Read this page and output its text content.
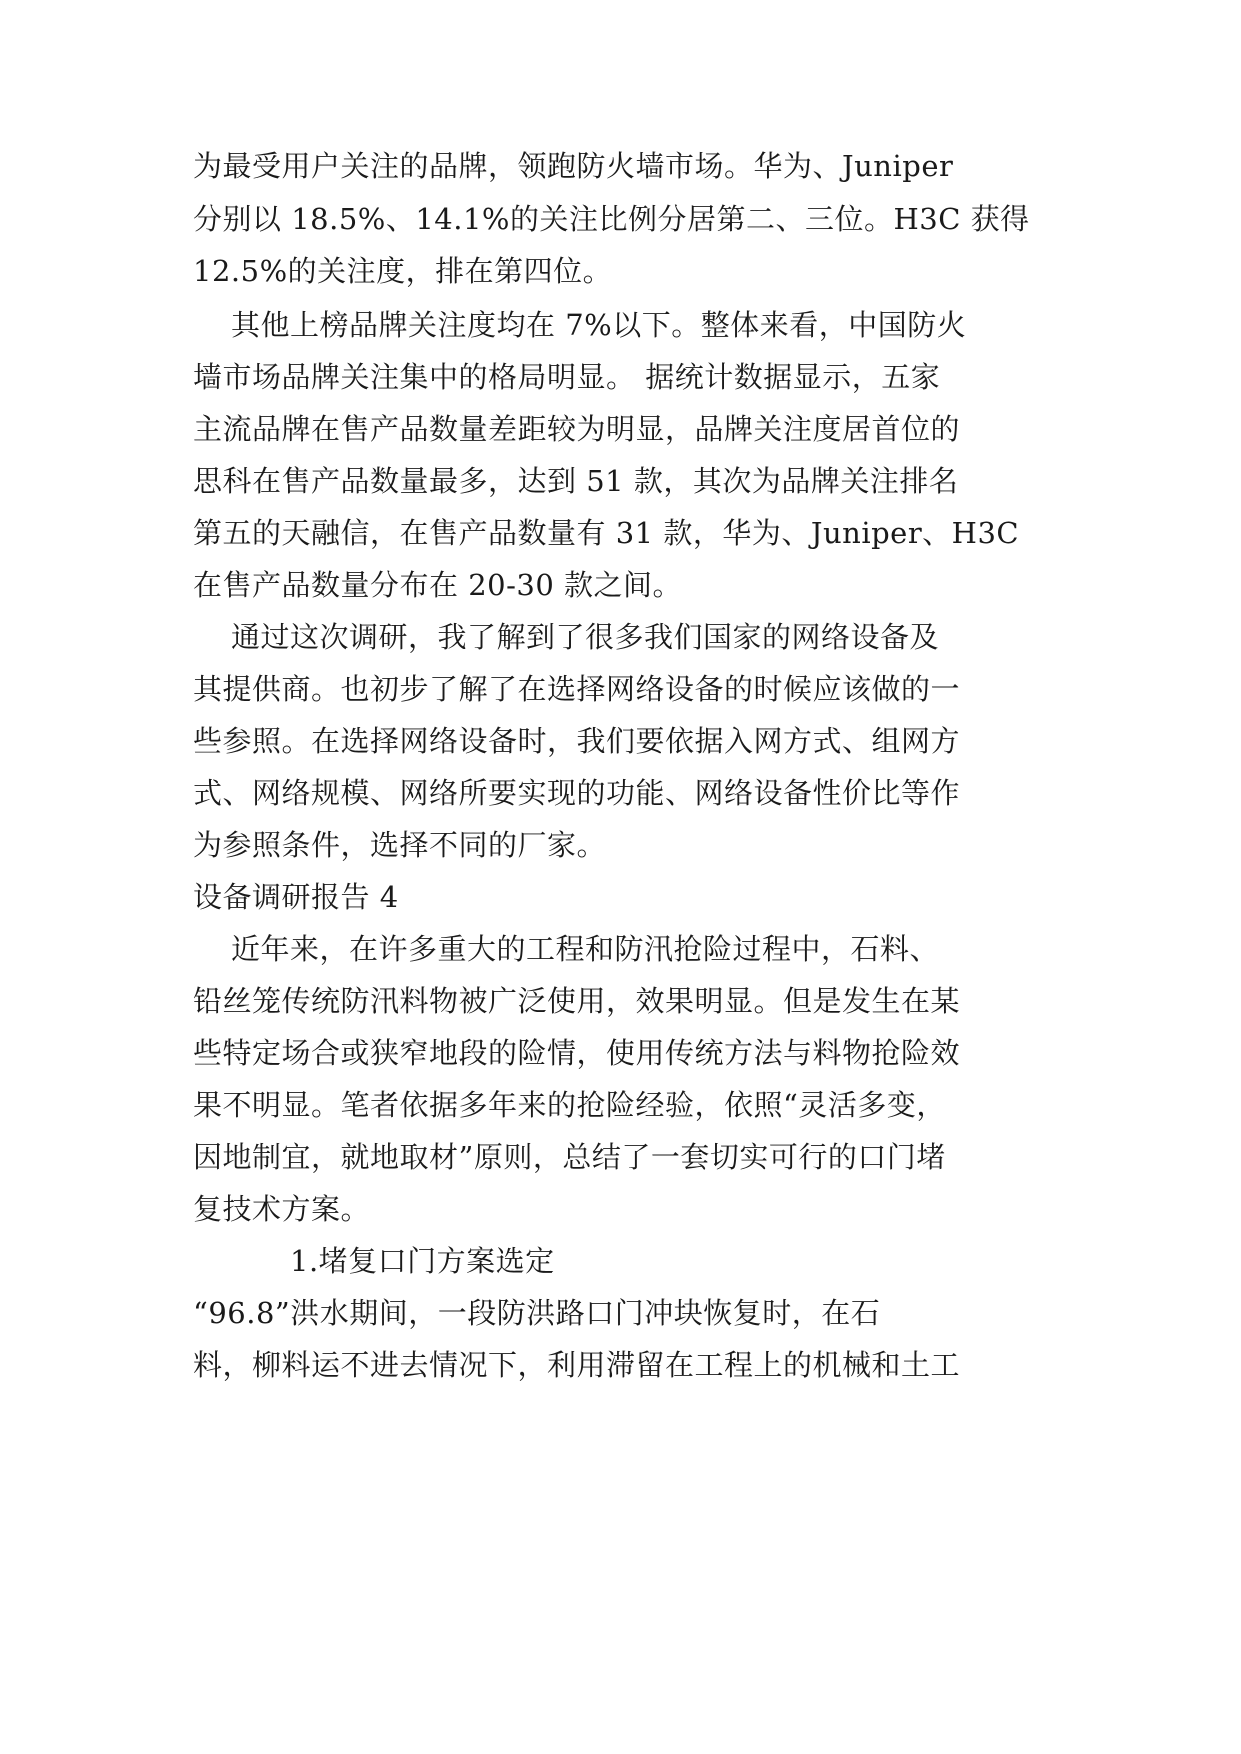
为最受用户关注的品牌，领跑防火墙市场。华为、Juniper
分别以 18.5%、14.1%的关注比例分居第二、三位。H3C 获得
12.5%的关注度，排在第四位。
其他上榜品牌关注度均在 7%以下。整体来看，中国防火
墙市场品牌关注集中的格局明显。 据统计数据显示，五家
主流品牌在售产品数量差距较为明显，品牌关注度居首位的
思科在售产品数量最多，达到 51 款，其次为品牌关注排名
第五的天融信，在售产品数量有 31 款，华为、Juniper、H3C
在售产品数量分布在 20-30 款之间。
通过这次调研，我了解到了很多我们国家的网络设备及
其提供商。也初步了解了在选择网络设备的时候应该做的一
些参照。在选择网络设备时，我们要依据入网方式、组网方
式、网络规模、网络所要实现的功能、网络设备性价比等作
为参照条件，选择不同的厂家。
设备调研报告 4
近年来，在许多重大的工程和防汛抢险过程中，石料、
铅丝笼传统防汛料物被广泛使用，效果明显。但是发生在某
些特定场合或狭窄地段的险情，使用传统方法与料物抢险效
果不明显。笔者依据多年来的抢险经验，依照“灵活多变，
因地制宜，就地取材”原则，总结了一套切实可行的口门堵
复技术方案。
1.堵复口门方案选定
“96.8”洪水期间，一段防洪路口门冲块恢复时，在石
料，柳料运不进去情况下，利用滞留在工程上的机械和土工
